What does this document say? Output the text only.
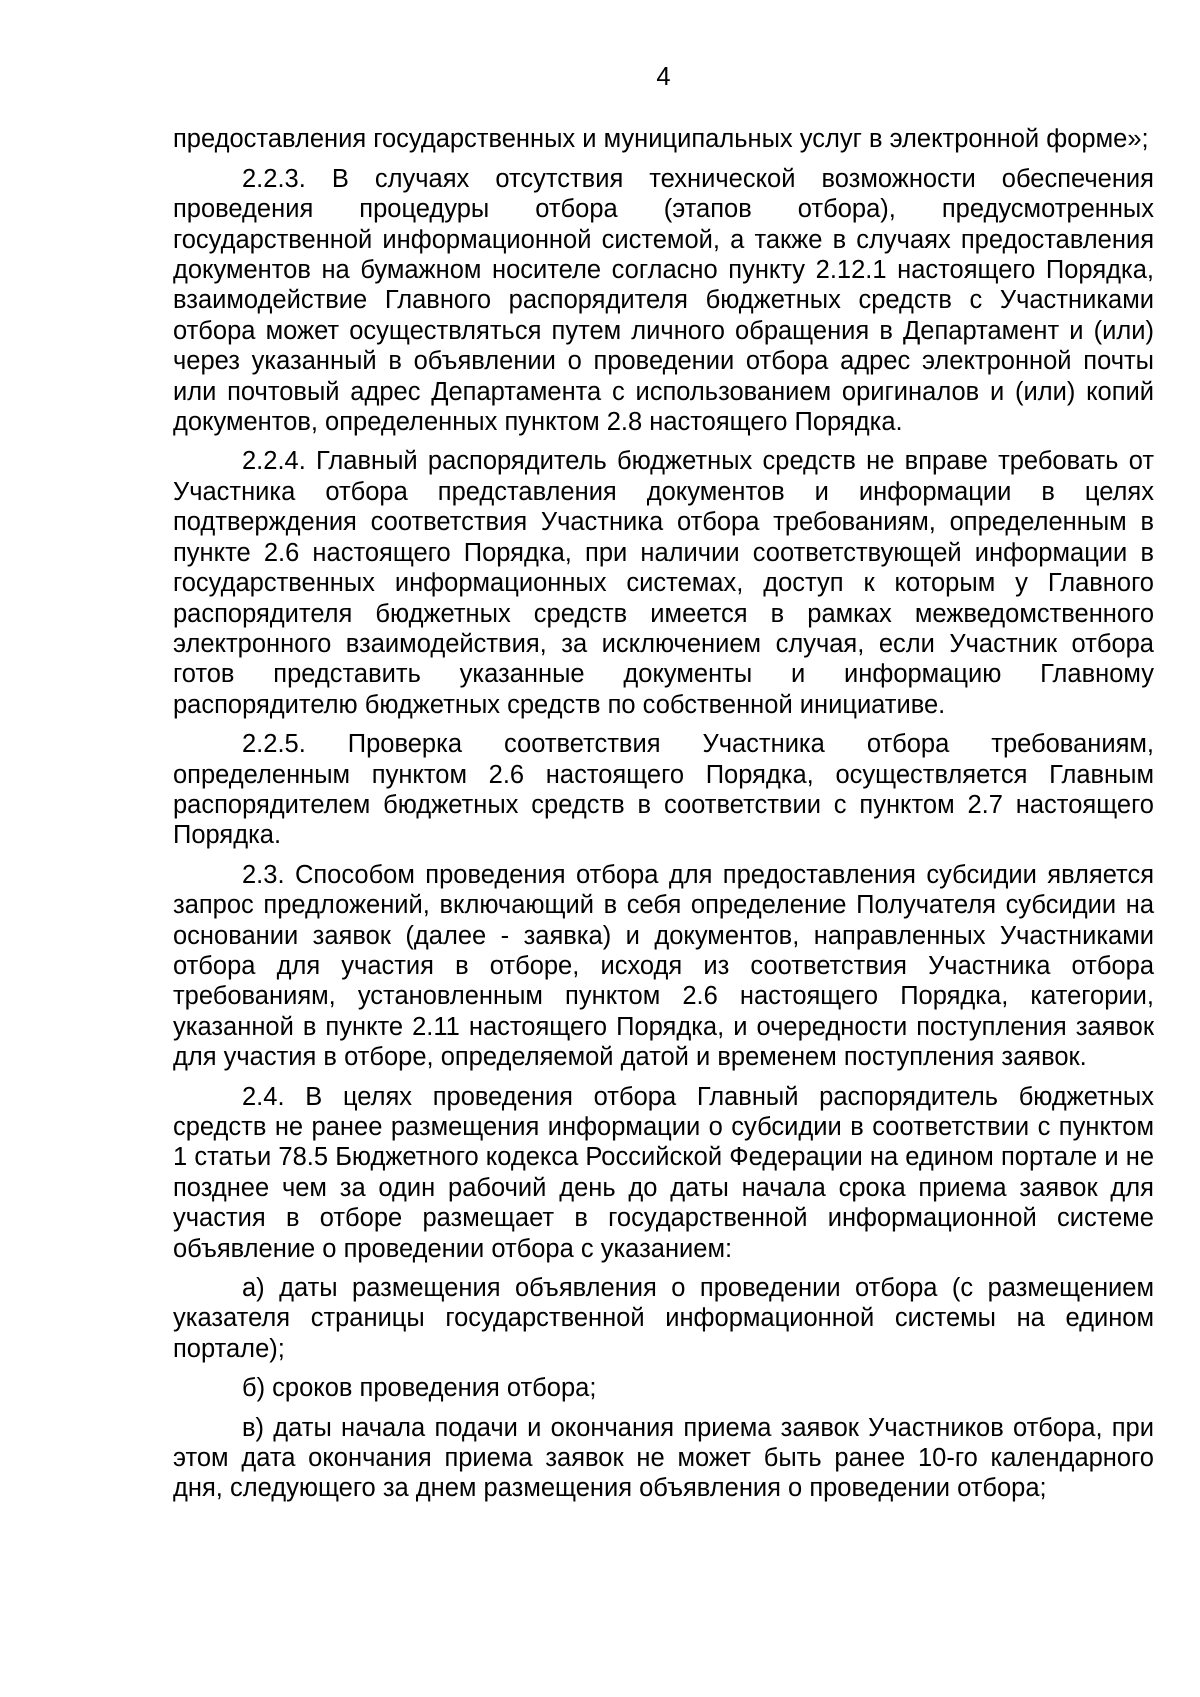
4

предоставления государственных и муниципальных услуг в электронной форме»;

2.2.3. В случаях отсутствия технической возможности обеспечения проведения процедуры отбора (этапов отбора), предусмотренных государственной информационной системой, а также в случаях предоставления документов на бумажном носителе согласно пункту 2.12.1 настоящего Порядка, взаимодействие Главного распорядителя бюджетных средств с Участниками отбора может осуществляться путем личного обращения в Департамент и (или) через указанный в объявлении о проведении отбора адрес электронной почты или почтовый адрес Департамента с использованием оригиналов и (или) копий документов, определенных пунктом 2.8 настоящего Порядка.

2.2.4. Главный распорядитель бюджетных средств не вправе требовать от Участника отбора представления документов и информации в целях подтверждения соответствия Участника отбора требованиям, определенным в пункте 2.6 настоящего Порядка, при наличии соответствующей информации в государственных информационных системах, доступ к которым у Главного распорядителя бюджетных средств имеется в рамках межведомственного электронного взаимодействия, за исключением случая, если Участник отбора готов представить указанные документы и информацию Главному распорядителю бюджетных средств по собственной инициативе.

2.2.5. Проверка соответствия Участника отбора требованиям, определенным пунктом 2.6 настоящего Порядка, осуществляется Главным распорядителем бюджетных средств в соответствии с пунктом 2.7 настоящего Порядка.

2.3. Способом проведения отбора для предоставления субсидии является запрос предложений, включающий в себя определение Получателя субсидии на основании заявок (далее - заявка) и документов, направленных Участниками отбора для участия в отборе, исходя из соответствия Участника отбора требованиям, установленным пунктом 2.6 настоящего Порядка, категории, указанной в пункте 2.11 настоящего Порядка, и очередности поступления заявок для участия в отборе, определяемой датой и временем поступления заявок.

2.4. В целях проведения отбора Главный распорядитель бюджетных средств не ранее размещения информации о субсидии в соответствии с пунктом 1 статьи 78.5 Бюджетного кодекса Российской Федерации на едином портале и не позднее чем за один рабочий день до даты начала срока приема заявок для участия в отборе размещает в государственной информационной системе объявление о проведении отбора с указанием:

а) даты размещения объявления о проведении отбора (с размещением указателя страницы государственной информационной системы на едином портале);

б) сроков проведения отбора;

в) даты начала подачи и окончания приема заявок Участников отбора, при этом дата окончания приема заявок не может быть ранее 10-го календарного дня, следующего за днем размещения объявления о проведении отбора;
